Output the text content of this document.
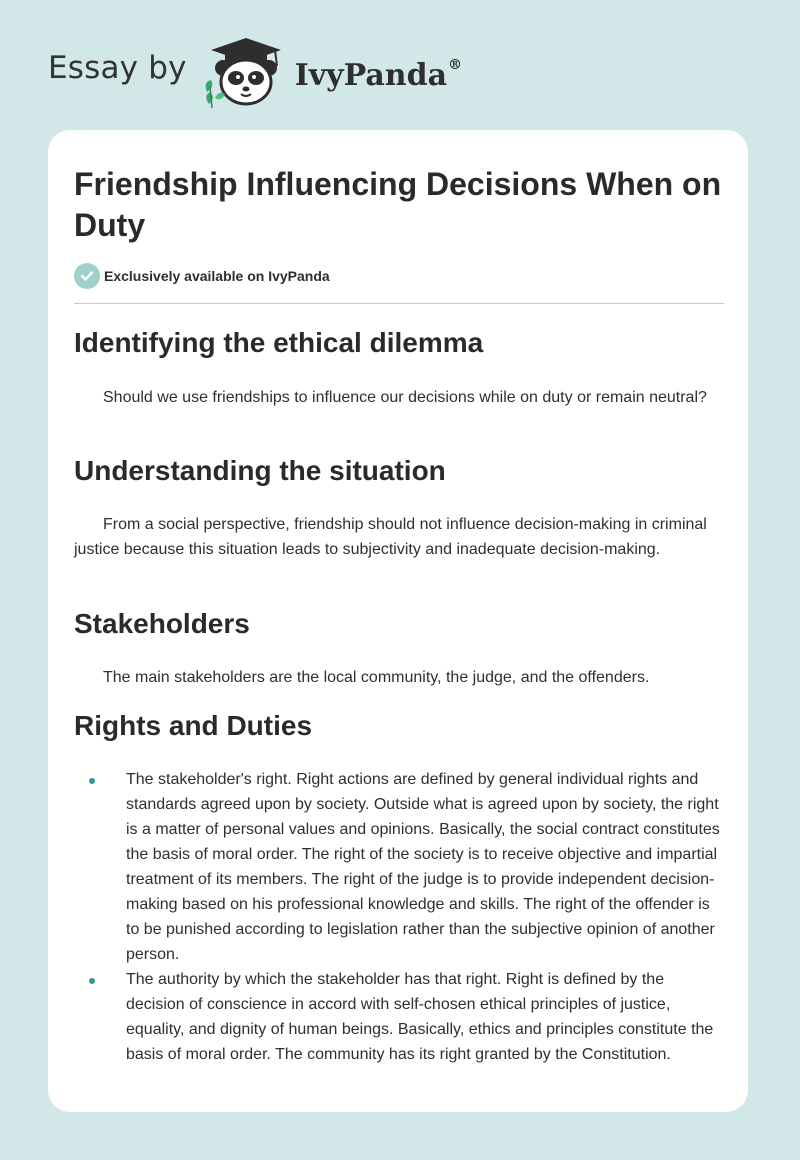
Essay by	IvyPanda®
Friendship Influencing Decisions When on Duty
Exclusively available on IvyPanda
Identifying the ethical dilemma

Should we use friendships to influence our decisions while on duty or remain neutral?

Understanding the situation

From a social perspective, friendship should not influence decision-making in criminal justice because this situation leads to subjectivity and inadequate decision-making.

Stakeholders

The main stakeholders are the local community, the judge, and the offenders.

Rights and Duties
The stakeholder's right. Right actions are defined by general individual rights and standards agreed upon by society. Outside what is agreed upon by society, the right is a matter of personal values and opinions. Basically, the social contract constitutes the basis of moral order. The right of the society is to receive objective and impartial treatment of its members. The right of the judge is to provide independent decision-making based on his professional knowledge and skills. The right of the offender is to be punished according to legislation rather than the subjective opinion of another person.
The authority by which the stakeholder has that right. Right is defined by the decision of conscience in accord with self-chosen ethical principles of justice, equality, and dignity of human beings. Basically, ethics and principles constitute the basis of moral order. The community has its right granted by the Constitution.
